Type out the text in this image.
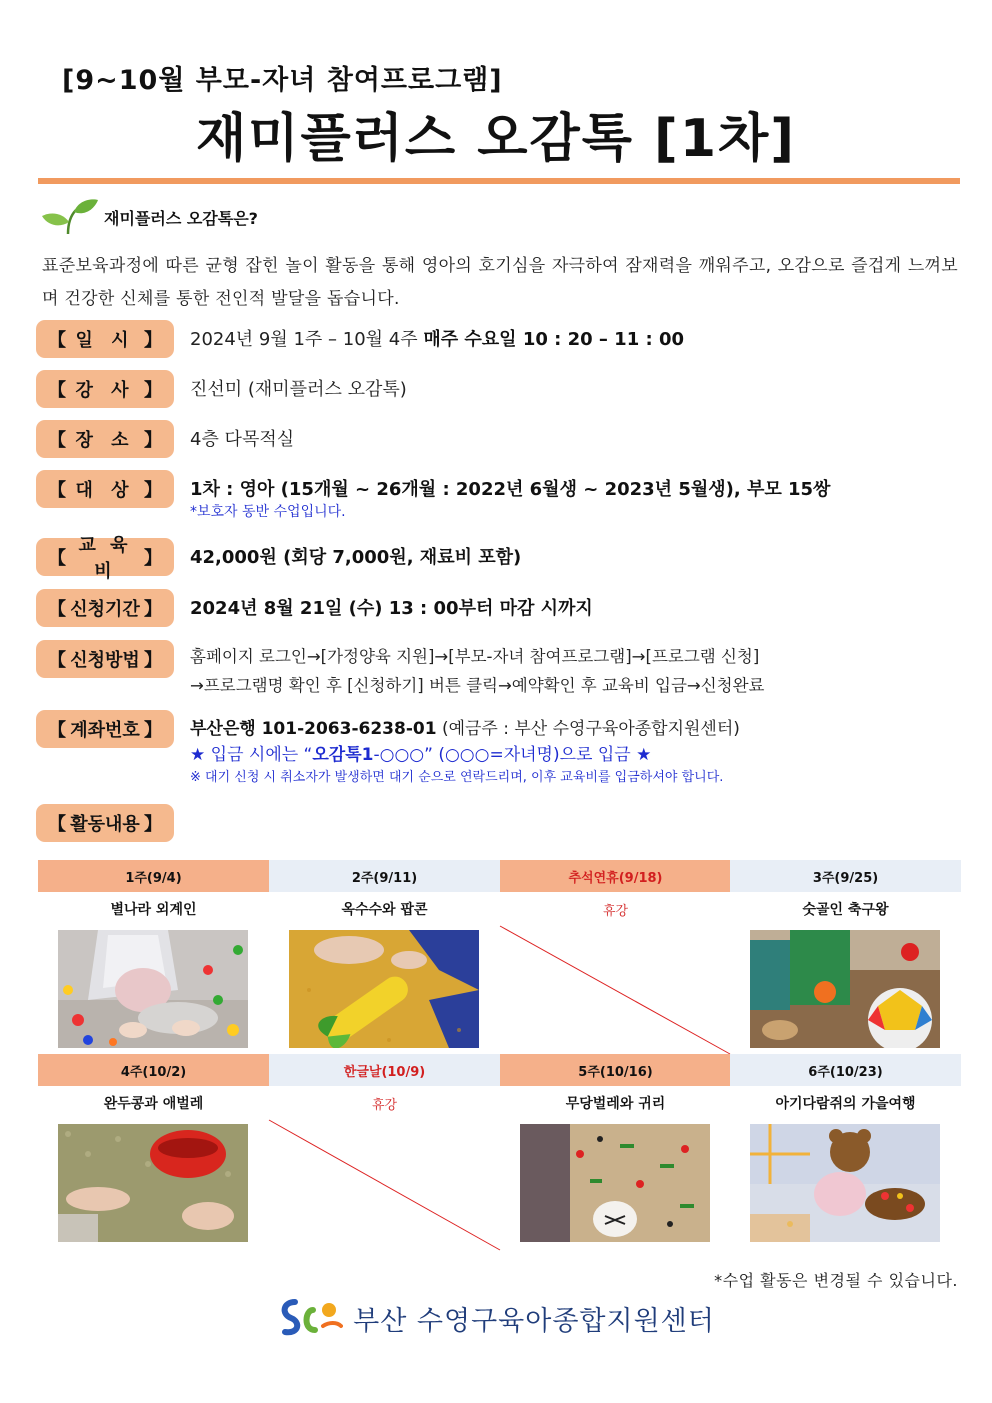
[9~10월 부모-자녀 참여프로그램]
재미플러스 오감톡 [1차]
재미플러스 오감톡은?
표준보육과정에 따른 균형 잡힌 놀이 활동을 통해 영아의 호기심을 자극하여 잠재력을 깨워주고, 오감으로 즐겁게 느껴보며 건강한 신체를 통한 전인적 발달을 돕습니다.
【 일 시 】 2024년 9월 1주 – 10월 4주 매주 수요일 10 : 20 – 11 : 00
【 강 사 】 진선미 (재미플러스 오감톡)
【 장 소 】 4층 다목적실
【 대 상 】 1차 : 영아 (15개월 ~ 26개월 : 2022년 6월생 ~ 2023년 5월생), 부모 15쌍
*보호자 동반 수업입니다.
【
교 육 비
】 42,000원 (회당 7,000원, 재료비 포함)
【 신청기간 】 2024년 8월 21일 (수) 13 : 00부터 마감 시까지
【 신청방법 】 홈페이지 로그인→[가정양육 지원]→[부모-자녀 참여프로그램]→[프로그램 신청]
→프로그램명 확인 후 [신청하기] 버튼 클릭→예약확인 후 교육비 입금→신청완료
【 계좌번호 】 부산은행 101-2063-6238-01 (예금주 : 부산 수영구육아종합지원센터)
★ 입금 시에는 “오감톡1-○○○” (○○○=자녀명)으로 입금 ★
※ 대기 신청 시 취소자가 발생하면 대기 순으로 연락드리며, 이후 교육비를 입금하셔야 합니다.
【 활동내용 】
1주(9/4)
별나라 외계인
2주(9/11)
옥수수와 팝콘
추석연휴(9/18)
휴강
3주(9/25)
숫골인 축구왕
4주(10/2)
완두콩과 애벌레
한글날(10/9)
휴강
5주(10/16)
무당벌레와 귀리
6주(10/23)
아기다람쥐의 가을여행
*수업 활동은 변경될 수 있습니다.
부산 수영구육아종합지원센터
